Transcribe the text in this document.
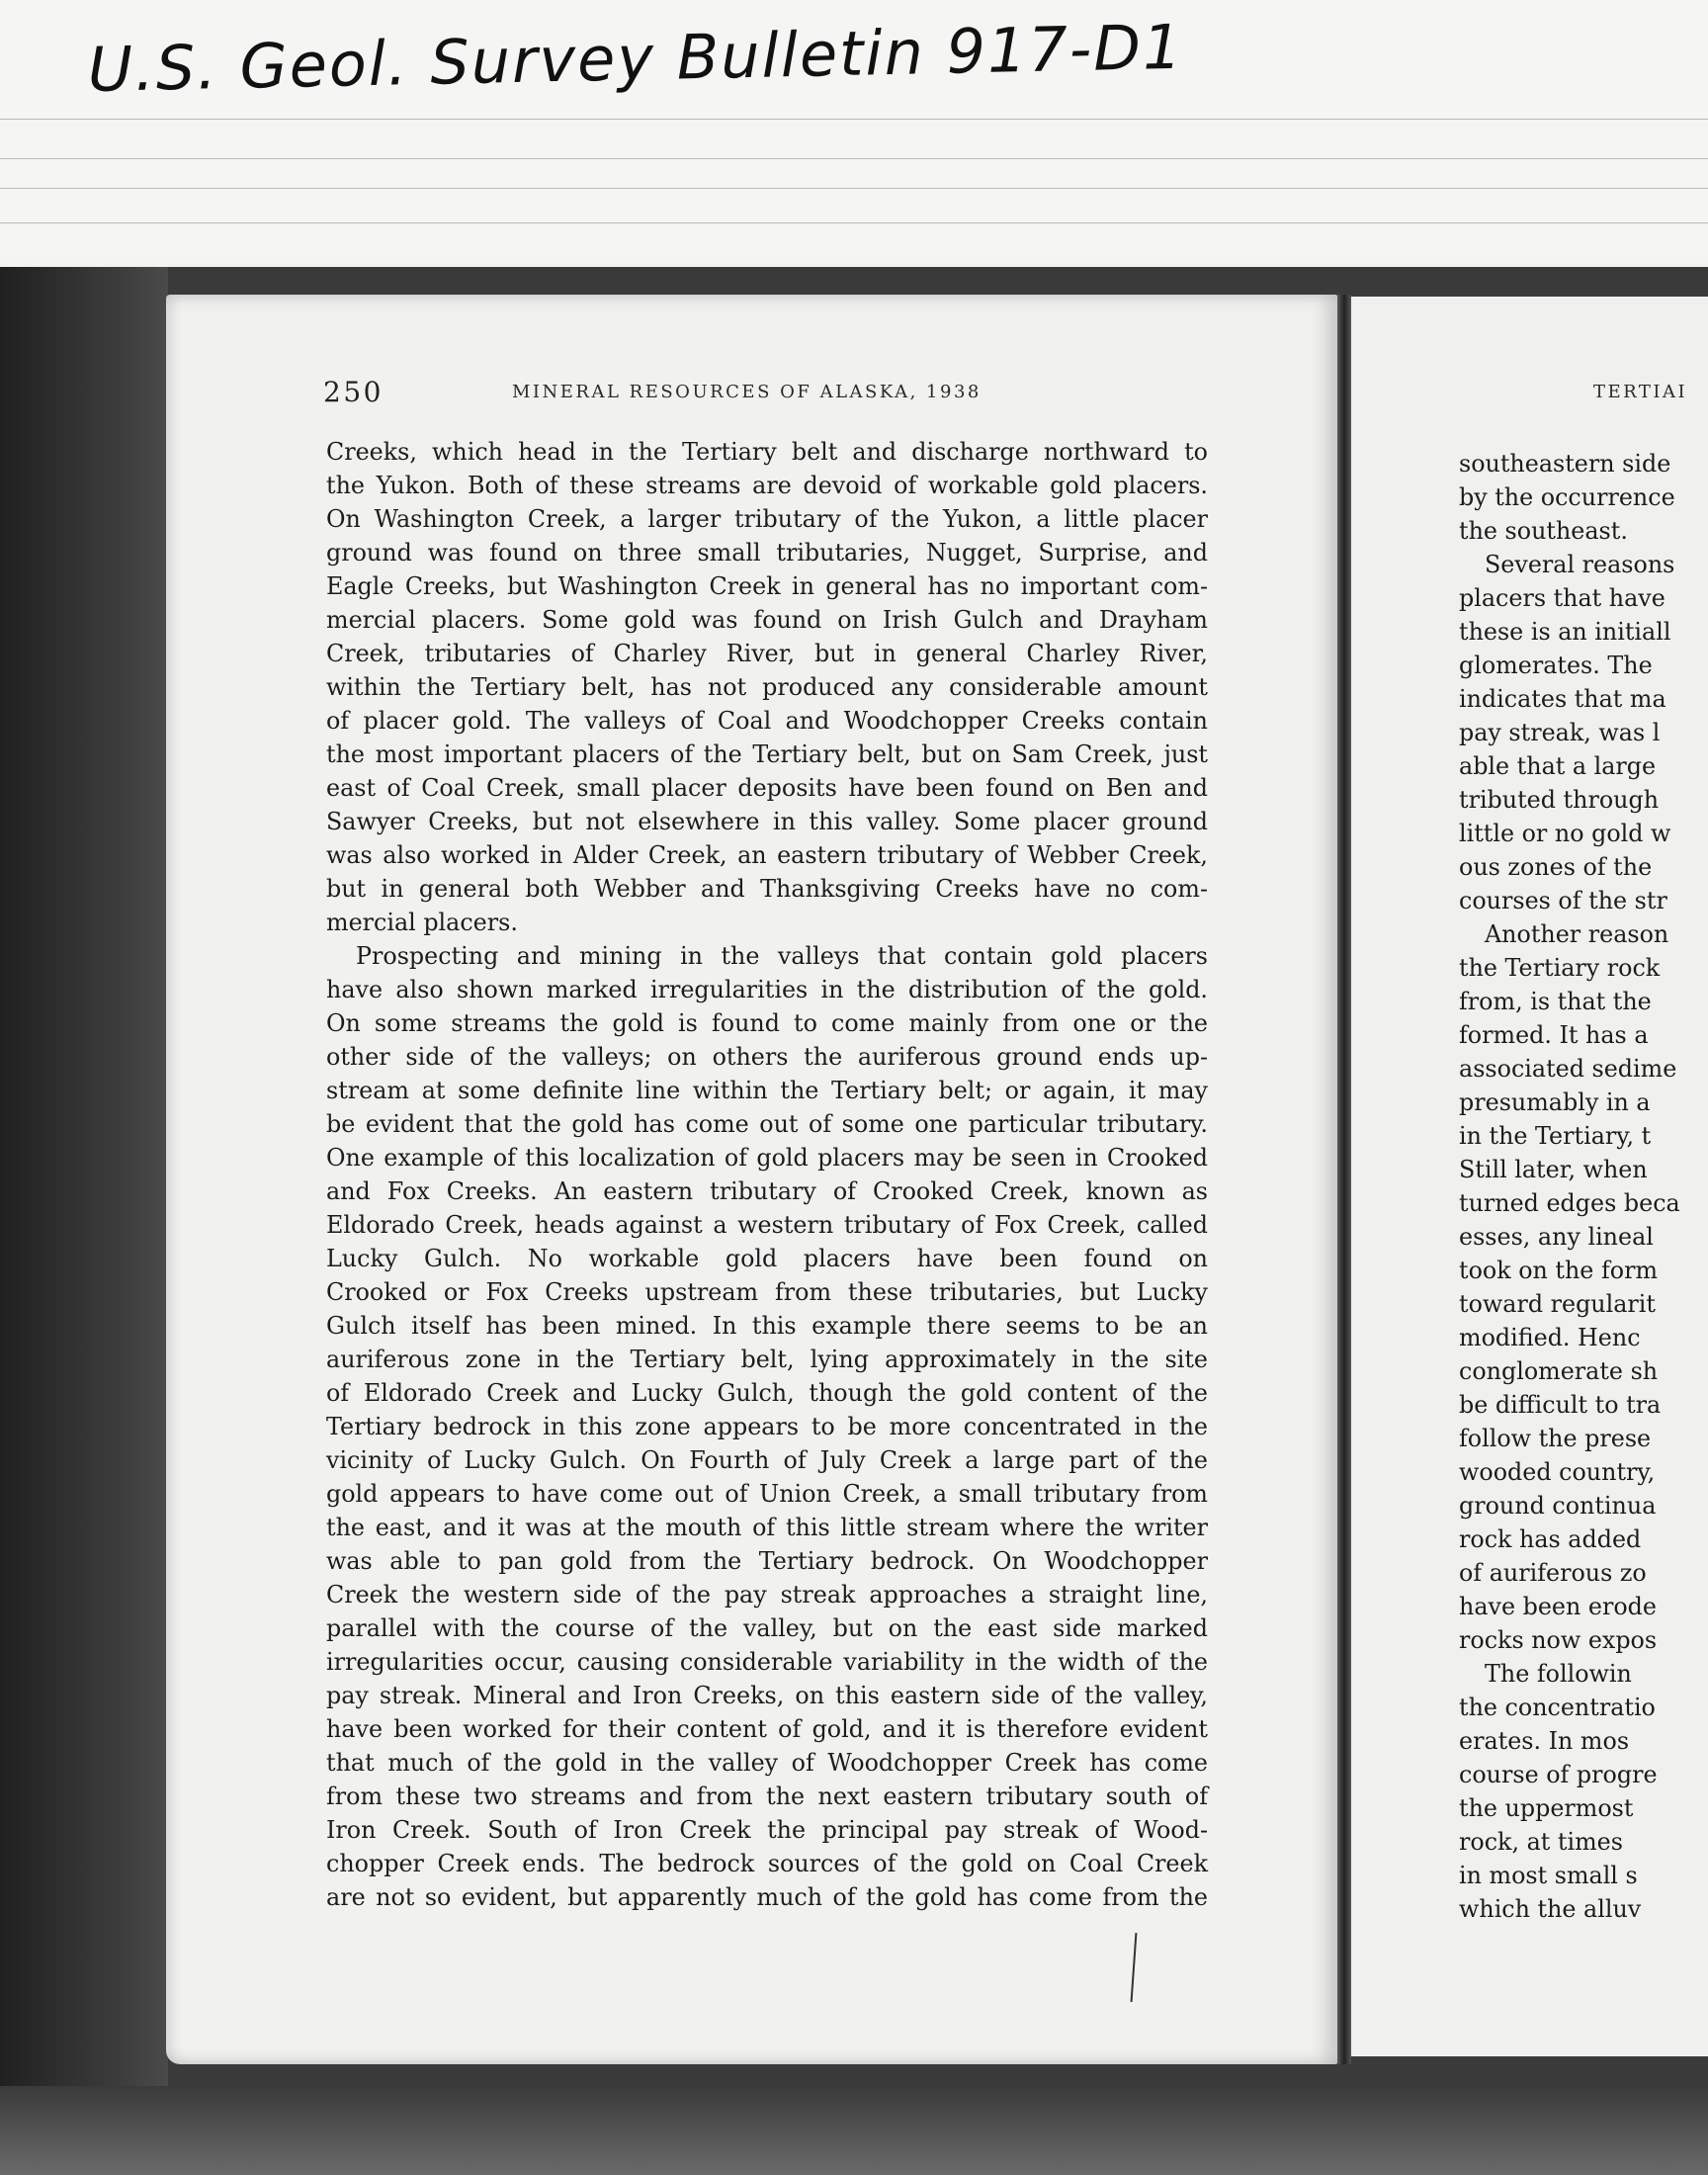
U.S. Geol. Survey Bulletin 917-D1
250	MINERAL RESOURCES OF ALASKA, 1938	TERTIAI
Creeks, which head in the Tertiary belt and discharge northward to
the Yukon. Both of these streams are devoid of workable gold placers.
On Washington Creek, a larger tributary of the Yukon, a little placer
ground was found on three small tributaries, Nugget, Surprise, and
Eagle Creeks, but Washington Creek in general has no important com-
mercial placers. Some gold was found on Irish Gulch and Drayham
Creek, tributaries of Charley River, but in general Charley River,
within the Tertiary belt, has not produced any considerable amount
of placer gold. The valleys of Coal and Woodchopper Creeks contain
the most important placers of the Tertiary belt, but on Sam Creek, just
east of Coal Creek, small placer deposits have been found on Ben and
Sawyer Creeks, but not elsewhere in this valley. Some placer ground
was also worked in Alder Creek, an eastern tributary of Webber Creek,
but in general both Webber and Thanksgiving Creeks have no com-
mercial placers.
Prospecting and mining in the valleys that contain gold placers
have also shown marked irregularities in the distribution of the gold.
On some streams the gold is found to come mainly from one or the
other side of the valleys; on others the auriferous ground ends up-
stream at some definite line within the Tertiary belt; or again, it may
be evident that the gold has come out of some one particular tributary.
One example of this localization of gold placers may be seen in Crooked
and Fox Creeks. An eastern tributary of Crooked Creek, known as
Eldorado Creek, heads against a western tributary of Fox Creek, called
Lucky Gulch. No workable gold placers have been found on
Crooked or Fox Creeks upstream from these tributaries, but Lucky
Gulch itself has been mined. In this example there seems to be an
auriferous zone in the Tertiary belt, lying approximately in the site
of Eldorado Creek and Lucky Gulch, though the gold content of the
Tertiary bedrock in this zone appears to be more concentrated in the
vicinity of Lucky Gulch. On Fourth of July Creek a large part of the
gold appears to have come out of Union Creek, a small tributary from
the east, and it was at the mouth of this little stream where the writer
was able to pan gold from the Tertiary bedrock. On Woodchopper
Creek the western side of the pay streak approaches a straight line,
parallel with the course of the valley, but on the east side marked
irregularities occur, causing considerable variability in the width of the
pay streak. Mineral and Iron Creeks, on this eastern side of the valley,
have been worked for their content of gold, and it is therefore evident
that much of the gold in the valley of Woodchopper Creek has come
from these two streams and from the next eastern tributary south of
Iron Creek. South of Iron Creek the principal pay streak of Wood-
chopper Creek ends. The bedrock sources of the gold on Coal Creek
are not so evident, but apparently much of the gold has come from the
southeastern side
by the occurrence
the southeast.
Several reasons
placers that have
these is an initiall
glomerates. The
indicates that ma
pay streak, was l
able that a large
tributed through
little or no gold w
ous zones of the
courses of the str
Another reason
the Tertiary rock
from, is that the
formed. It has a
associated sedime
presumably in a
in the Tertiary, t
Still later, when
turned edges beca
esses, any lineal
took on the form
toward regularit
modified. Henc
conglomerate sh
be difficult to tra
follow the prese
wooded country,
ground continua
rock has added
of auriferous zo
have been erode
rocks now expos
The followin
the concentratio
erates. In mos
course of progre
the uppermost
rock, at times
in most small s
which the alluv
